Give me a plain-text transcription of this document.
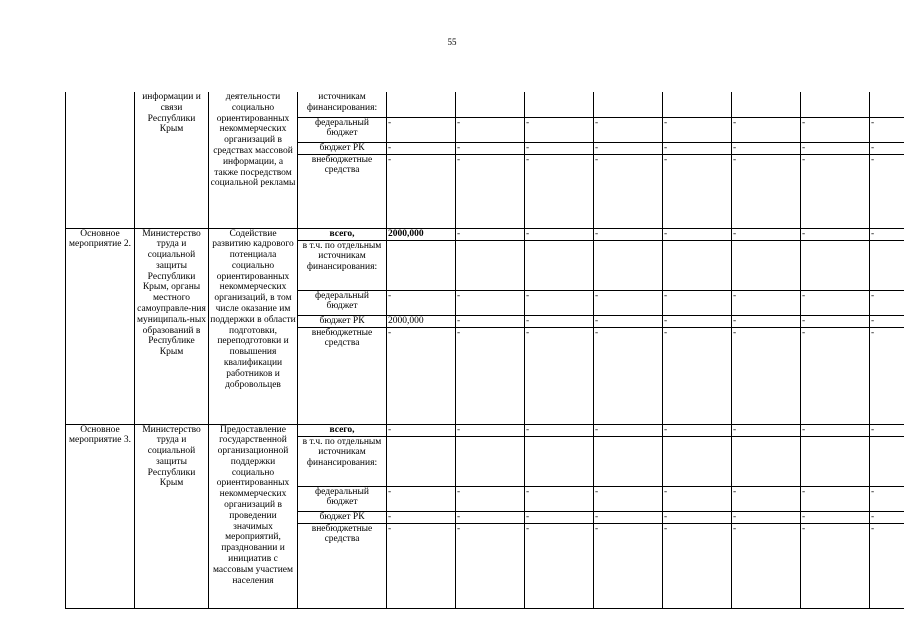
55
	информации и связи Республики Крым	деятельности социально ориентированных некоммерческих организаций в средствах массовой информации, а также посредством социальной рекламы	источникам финансирования:								
			федеральный бюджет	-	-	-	-	-	-	-	-
			бюджет РК	-	-	-	-	-	-	-	-
			внебюджетные средства	-	-	-	-	-	-	-	-
Основное мероприятие 2.	Министерство труда и социальной защиты Республики Крым, органы местного самоуправле-ния муниципаль-ных образований в Республике Крым	Содействие развитию кадрового потенциала социально ориентированных некоммерческих организаций, в том числе оказание им поддержки в области подготовки, переподготовки и повышения квалификации работников и добровольцев	всего,	2000,000	-	-	-	-	-	-	-
			в т.ч. по отдельным источникам финансирования:								
			федеральный бюджет	-	-	-	-	-	-	-	-
			бюджет РК	2000,000	-	-	-	-	-	-	-
			внебюджетные средства	-	-	-	-	-	-	-	-
Основное мероприятие 3.	Министерство труда и социальной защиты Республики Крым	Предоставление государственной организационной поддержки социально ориентированных некоммерческих организаций в проведении значимых мероприятий, праздновании и инициатив с массовым участием населения	всего,	-	-	-	-	-	-	-	-
			в т.ч. по отдельным источникам финансирования:								
			федеральный бюджет	-	-	-	-	-	-	-	-
			бюджет РК	-	-	-	-	-	-	-	-
			внебюджетные средства	-	-	-	-	-	-	-	-
